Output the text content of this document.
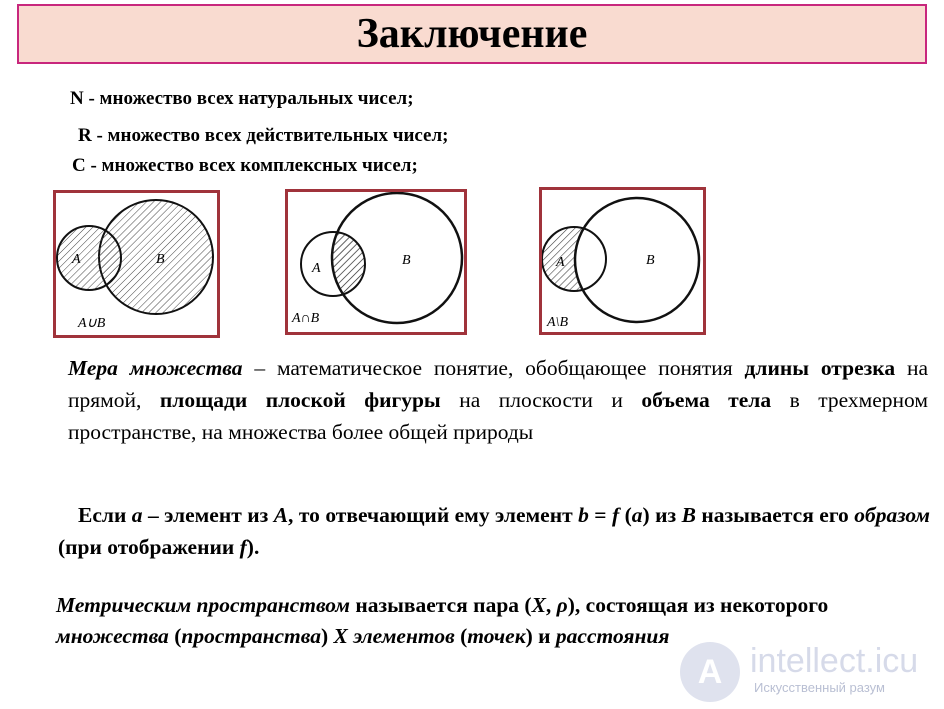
Заключение
N - множество всех натуральных чисел;
R - множество всех действительных чисел;
C - множество всех комплексных чисел;
A	B
A∪B
A
B
A∩B
A	B
A\B
Мера множества – математическое понятие, обобщающее понятия длины отрезка на прямой, площади плоской фигуры на плоскости и объема тела в трехмерном пространстве, на множества более общей природы
Если a – элемент из A, то отвечающий ему элемент b = f (a) из B называется его образом (при отображении f).
Метрическим пространством называется пара (X, ρ), состоящая из некоторого множества (пространства) X элементов (точек) и расстояния
A intellect.icu
Искусственный разум
